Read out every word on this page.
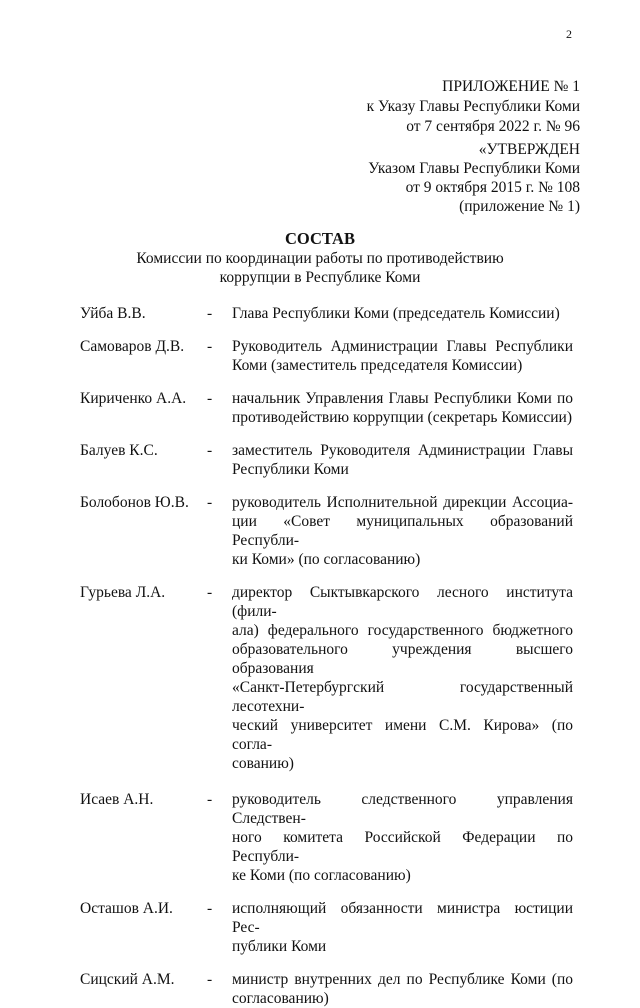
2
ПРИЛОЖЕНИЕ № 1
к Указу Главы Республики Коми
от 7 сентября 2022 г. № 96
«УТВЕРЖДЕН
Указом Главы Республики Коми
от 9 октября 2015 г. № 108
(приложение № 1)
СОСТАВ
Комиссии по координации работы по противодействию
коррупции в Республике Коми
Уйба В.В.	-	Глава Республики Коми (председатель Комиссии)
Самоваров Д.В.	-	Руководитель Администрации Главы Республики
Коми (заместитель председателя Комиссии)
Кириченко А.А.	-	начальник Управления Главы Республики Коми по
противодействию коррупции (секретарь Комиссии)
Балуев К.С.	-	заместитель Руководителя Администрации Главы
Республики Коми
Болобонов Ю.В.	-	руководитель Исполнительной дирекции Ассоциа-
ции «Совет муниципальных образований Республи-
ки Коми» (по согласованию)
Гурьева Л.А.	-	директор Сыктывкарского лесного института (фили-
ала) федерального государственного бюджетного
образовательного учреждения высшего образования
«Санкт-Петербургский государственный лесотехни-
ческий университет имени С.М. Кирова» (по согла-
сованию)
Исаев А.Н.	-	руководитель следственного управления Следствен-
ного комитета Российской Федерации по Республи-
ке Коми (по согласованию)
Осташов А.И.	-	исполняющий обязанности министра юстиции Рес-
публики Коми
Сицский А.М.	-	министр внутренних дел по Республике Коми (по
согласованию)
